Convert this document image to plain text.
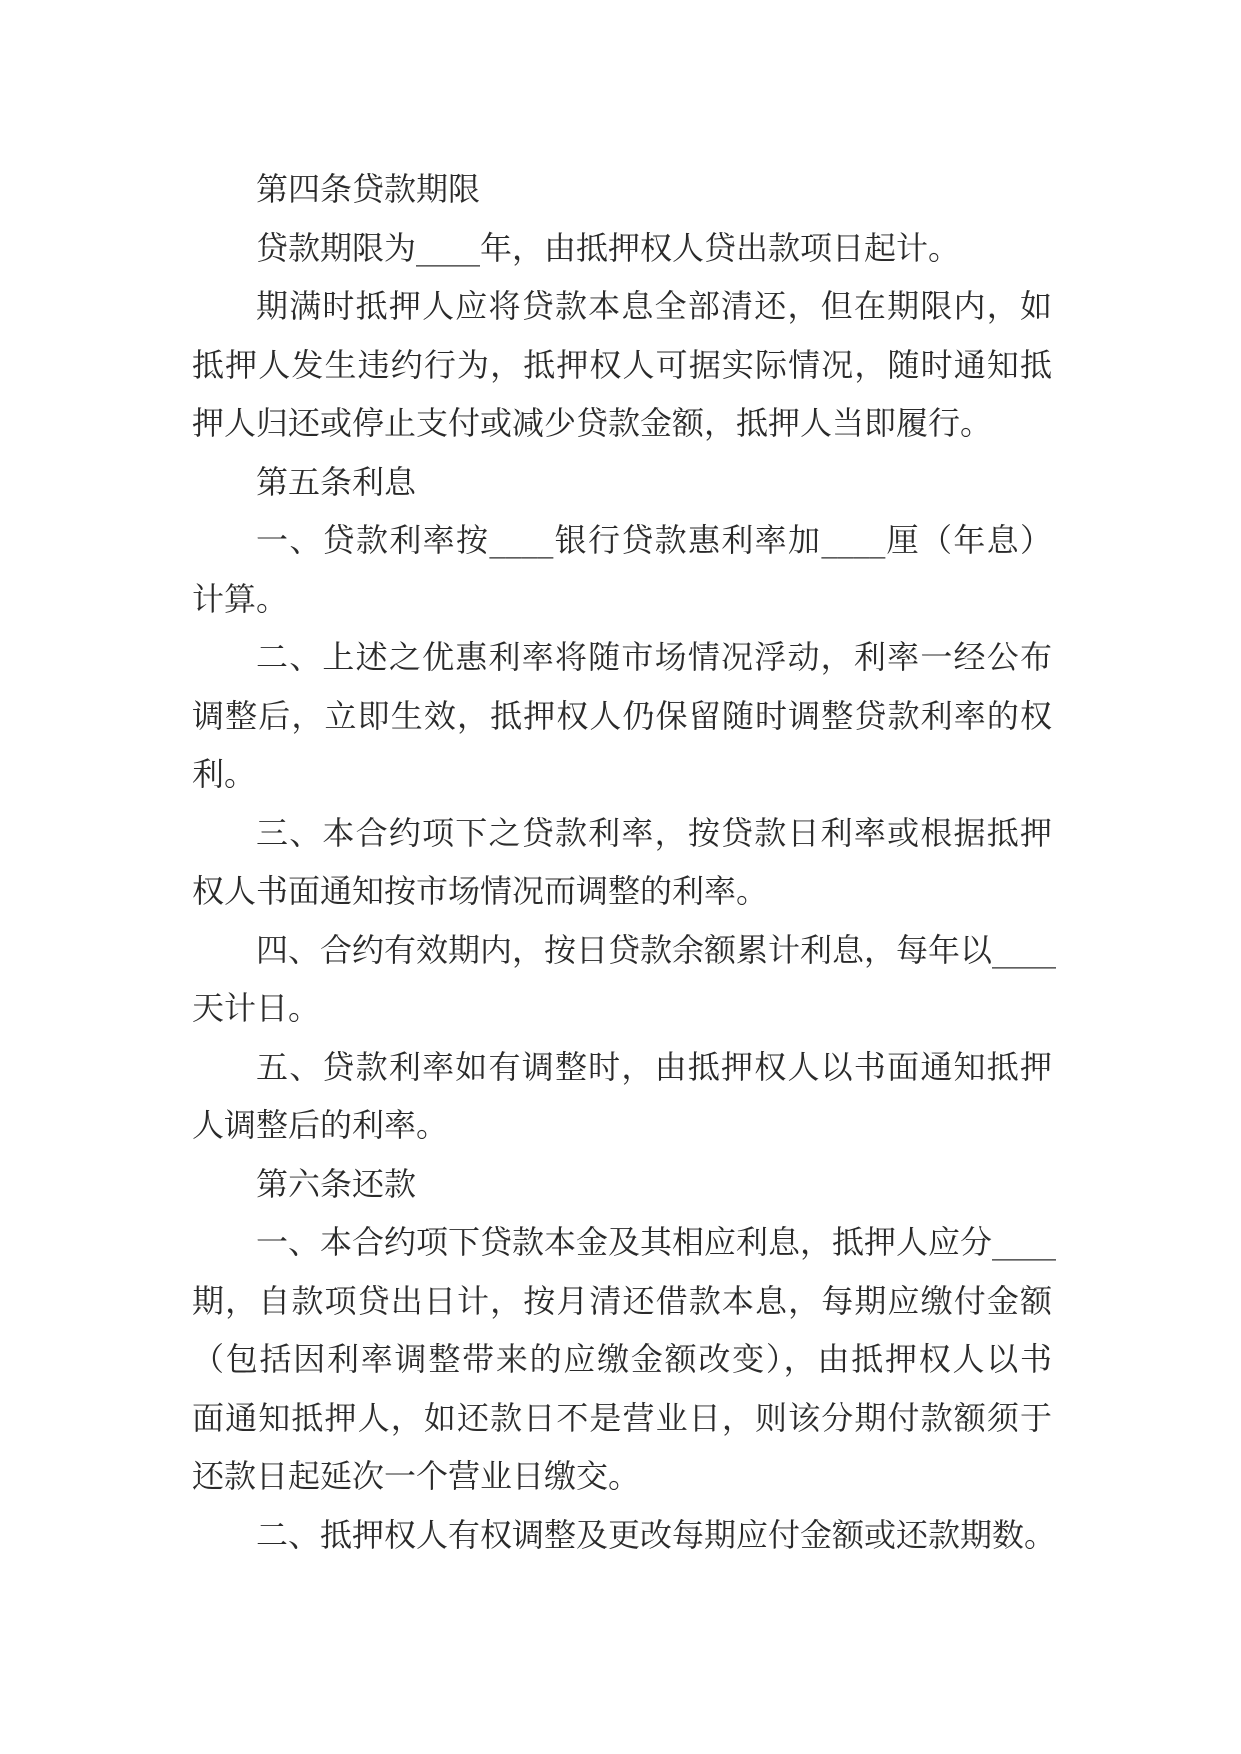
第四条贷款期限
贷款期限为____年，由抵押权人贷出款项日起计。
期满时抵押人应将贷款本息全部清还，但在期限内，如
抵押人发生违约行为，抵押权人可据实际情况，随时通知抵
押人归还或停止支付或减少贷款金额，抵押人当即履行。
第五条利息
一、贷款利率按____银行贷款惠利率加____厘（年息）
计算。
二、上述之优惠利率将随市场情况浮动，利率一经公布
调整后，立即生效，抵押权人仍保留随时调整贷款利率的权
利。
三、本合约项下之贷款利率，按贷款日利率或根据抵押
权人书面通知按市场情况而调整的利率。
四、合约有效期内，按日贷款余额累计利息，每年以____
天计日。
五、贷款利率如有调整时，由抵押权人以书面通知抵押
人调整后的利率。
第六条还款
一、本合约项下贷款本金及其相应利息，抵押人应分____
期，自款项贷出日计，按月清还借款本息，每期应缴付金额
（包括因利率调整带来的应缴金额改变），由抵押权人以书
面通知抵押人，如还款日不是营业日，则该分期付款额须于
还款日起延次一个营业日缴交。
二、抵押权人有权调整及更改每期应付金额或还款期数。
